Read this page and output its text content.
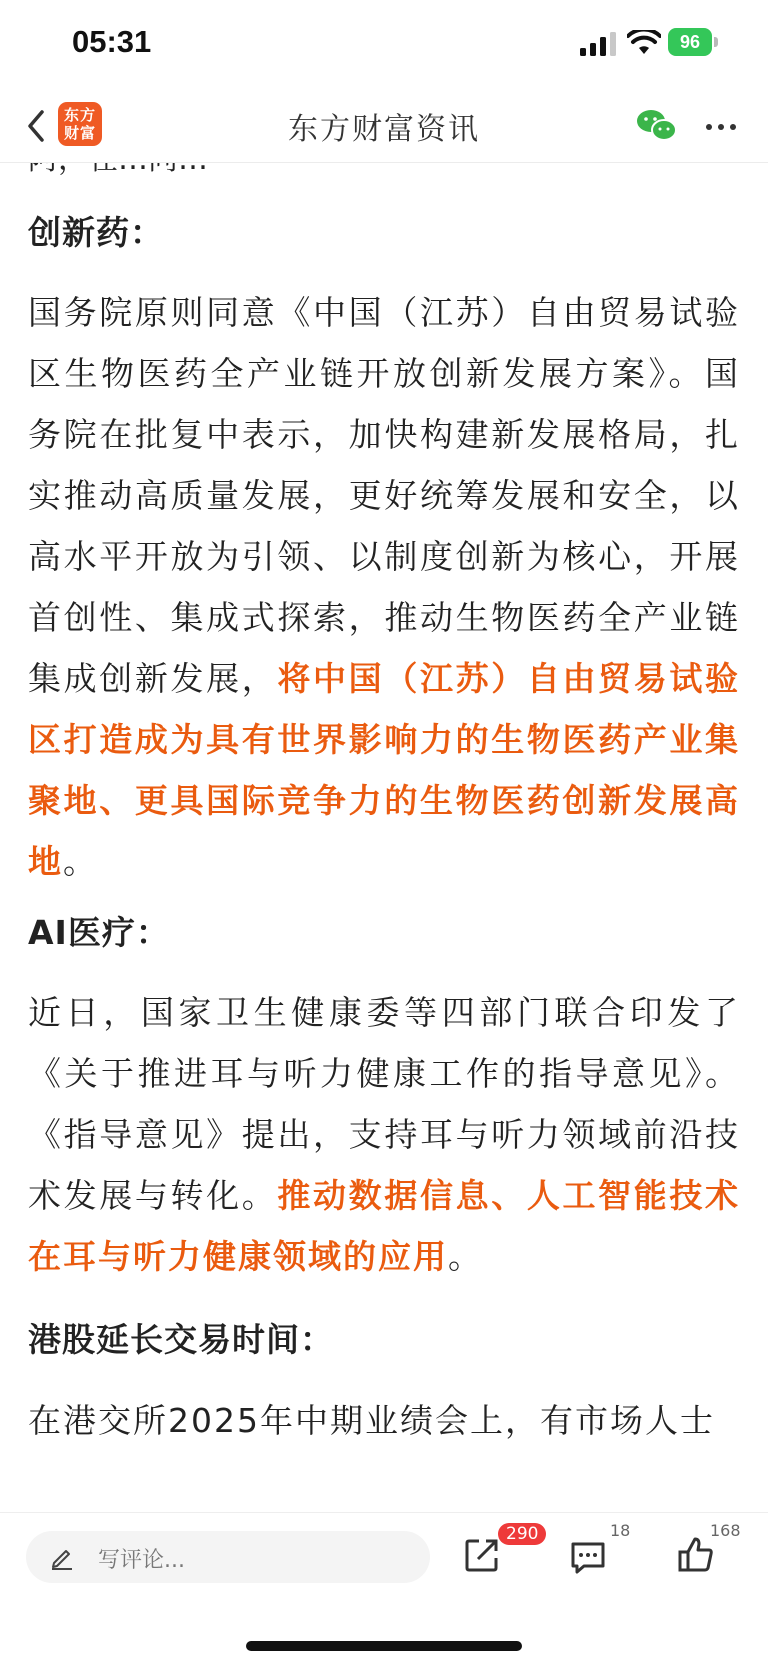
05:31	96
创新药：

国务院原则同意《中国（江苏）自由贸易试验区生物医药全产业链开放创新发展方案》。国务院在批复中表示，加快构建新发展格局，扎实推动高质量发展，更好统筹发展和安全，以高水平开放为引领、以制度创新为核心，开展首创性、集成式探索，推动生物医药全产业链集成创新发展，将中国（江苏）自由贸易试验区打造成为具有世界影响力的生物医药产业集聚地、更具国际竞争力的生物医药创新发展高地。

AI医疗：

近日，国家卫生健康委等四部门联合印发了《关于推进耳与听力健康工作的指导意见》。《指导意见》提出，支持耳与听力领域前沿技术发展与转化。推动数据信息、人工智能技术在耳与听力健康领域的应用。

港股延长交易时间：

在港交所2025年中期业绩会上，有市场人士

东方
财富	东方财富资讯
写评论...
290	18	168
